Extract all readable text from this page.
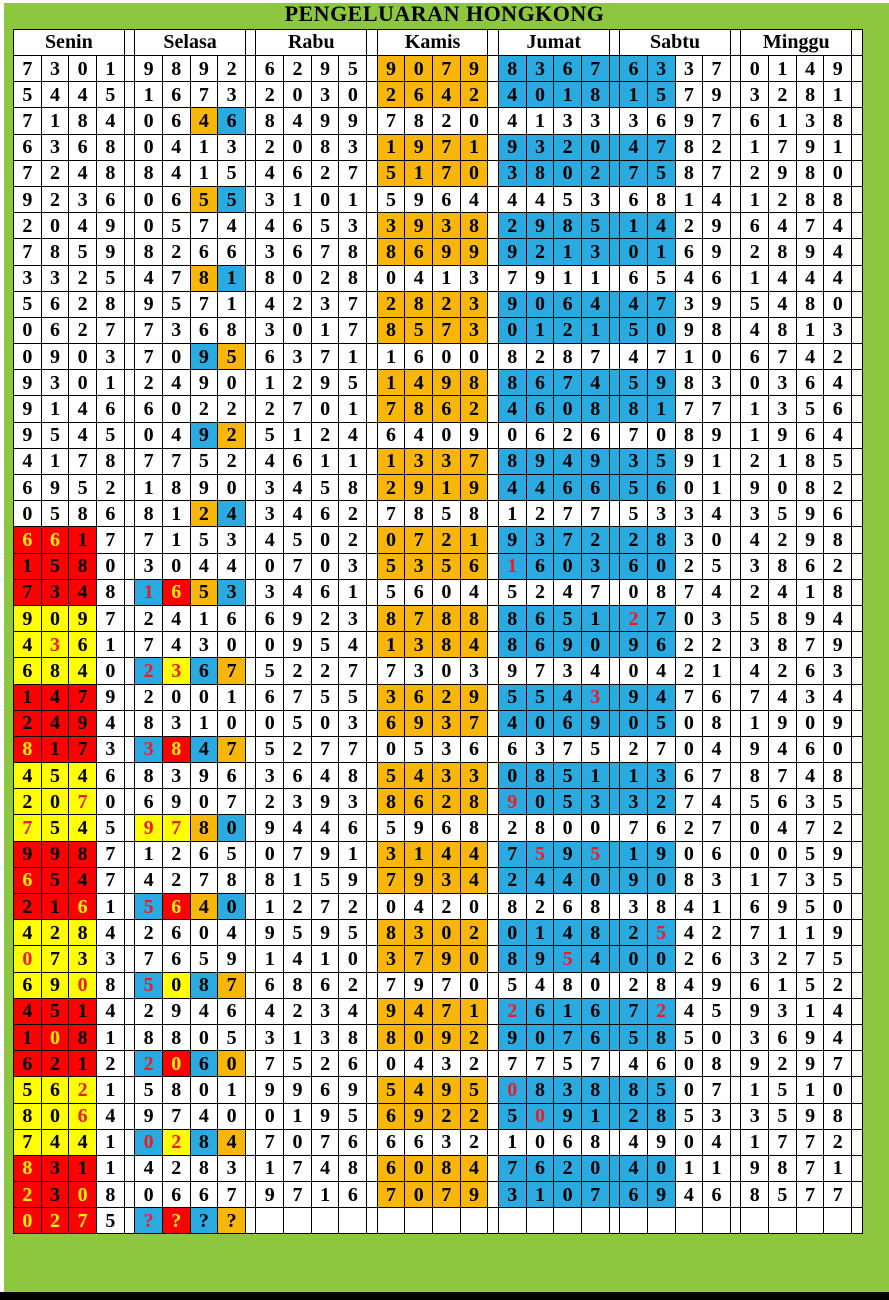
PENGELUARAN HONGKONG
Senin					Selasa					Rabu					Kamis					Jumat					Sabtu					Minggu				
7	3	0	1		9	8	9	2		6	2	9	5		9	0	7	9		8	3	6	7		6	3	3	7		0	1	4	9	
5	4	4	5		1	6	7	3		2	0	3	0		2	6	4	2		4	0	1	8		1	5	7	9		3	2	8	1	
7	1	8	4		0	6	4	6		8	4	9	9		7	8	2	0		4	1	3	3		3	6	9	7		6	1	3	8	
6	3	6	8		0	4	1	3		2	0	8	3		1	9	7	1		9	3	2	0		4	7	8	2		1	7	9	1	
7	2	4	8		8	4	1	5		4	6	2	7		5	1	7	0		3	8	0	2		7	5	8	7		2	9	8	0	
9	2	3	6		0	6	5	5		3	1	0	1		5	9	6	4		4	4	5	3		6	8	1	4		1	2	8	8	
2	0	4	9		0	5	7	4		4	6	5	3		3	9	3	8		2	9	8	5		1	4	2	9		6	4	7	4	
7	8	5	9		8	2	6	6		3	6	7	8		8	6	9	9		9	2	1	3		0	1	6	9		2	8	9	4	
3	3	2	5		4	7	8	1		8	0	2	8		0	4	1	3		7	9	1	1		6	5	4	6		1	4	4	4	
5	6	2	8		9	5	7	1		4	2	3	7		2	8	2	3		9	0	6	4		4	7	3	9		5	4	8	0	
0	6	2	7		7	3	6	8		3	0	1	7		8	5	7	3		0	1	2	1		5	0	9	8		4	8	1	3	
0	9	0	3		7	0	9	5		6	3	7	1		1	6	0	0		8	2	8	7		4	7	1	0		6	7	4	2	
9	3	0	1		2	4	9	0		1	2	9	5		1	4	9	8		8	6	7	4		5	9	8	3		0	3	6	4	
9	1	4	6		6	0	2	2		2	7	0	1		7	8	6	2		4	6	0	8		8	1	7	7		1	3	5	6	
9	5	4	5		0	4	9	2		5	1	2	4		6	4	0	9		0	6	2	6		7	0	8	9		1	9	6	4	
4	1	7	8		7	7	5	2		4	6	1	1		1	3	3	7		8	9	4	9		3	5	9	1		2	1	8	5	
6	9	5	2		1	8	9	0		3	4	5	8		2	9	1	9		4	4	6	6		5	6	0	1		9	0	8	2	
0	5	8	6		8	1	2	4		3	4	6	2		7	8	5	8		1	2	7	7		5	3	3	4		3	5	9	6	
6	6	1	7		7	1	5	3		4	5	0	2		0	7	2	1		9	3	7	2		2	8	3	0		4	2	9	8	
1	5	8	0		3	0	4	4		0	7	0	3		5	3	5	6		1	6	0	3		6	0	2	5		3	8	6	2	
7	3	4	8		1	6	5	3		3	4	6	1		5	6	0	4		5	2	4	7		0	8	7	4		2	4	1	8	
9	0	9	7		2	4	1	6		6	9	2	3		8	7	8	8		8	6	5	1		2	7	0	3		5	8	9	4	
4	3	6	1		7	4	3	0		0	9	5	4		1	3	8	4		8	6	9	0		9	6	2	2		3	8	7	9	
6	8	4	0		2	3	6	7		5	2	2	7		7	3	0	3		9	7	3	4		0	4	2	1		4	2	6	3	
1	4	7	9		2	0	0	1		6	7	5	5		3	6	2	9		5	5	4	3		9	4	7	6		7	4	3	4	
2	4	9	4		8	3	1	0		0	5	0	3		6	9	3	7		4	0	6	9		0	5	0	8		1	9	0	9	
8	1	7	3		3	8	4	7		5	2	7	7		0	5	3	6		6	3	7	5		2	7	0	4		9	4	6	0	
4	5	4	6		8	3	9	6		3	6	4	8		5	4	3	3		0	8	5	1		1	3	6	7		8	7	4	8	
2	0	7	0		6	9	0	7		2	3	9	3		8	6	2	8		9	0	5	3		3	2	7	4		5	6	3	5	
7	5	4	5		9	7	8	0		9	4	4	6		5	9	6	8		2	8	0	0		7	6	2	7		0	4	7	2	
9	9	8	7		1	2	6	5		0	7	9	1		3	1	4	4		7	5	9	5		1	9	0	6		0	0	5	9	
6	5	4	7		4	2	7	8		8	1	5	9		7	9	3	4		2	4	4	0		9	0	8	3		1	7	3	5	
2	1	6	1		5	6	4	0		1	2	7	2		0	4	2	0		8	2	6	8		3	8	4	1		6	9	5	0	
4	2	8	4		2	6	0	4		9	5	9	5		8	3	0	2		0	1	4	8		2	5	4	2		7	1	1	9	
0	7	3	3		7	6	5	9		1	4	1	0		3	7	9	0		8	9	5	4		0	0	2	6		3	2	7	5	
6	9	0	8		5	0	8	7		6	8	6	2		7	9	7	0		5	4	8	0		2	8	4	9		6	1	5	2	
4	5	1	4		2	9	4	6		4	2	3	4		9	4	7	1		2	6	1	6		7	2	4	5		9	3	1	4	
1	0	8	1		8	8	0	5		3	1	3	8		8	0	9	2		9	0	7	6		5	8	5	0		3	6	9	4	
6	2	1	2		2	0	6	0		7	5	2	6		0	4	3	2		7	7	5	7		4	6	0	8		9	2	9	7	
5	6	2	1		5	8	0	1		9	9	6	9		5	4	9	5		0	8	3	8		8	5	0	7		1	5	1	0	
8	0	6	4		9	7	4	0		0	1	9	5		6	9	2	2		5	0	9	1		2	8	5	3		3	5	9	8	
7	4	4	1		0	2	8	4		7	0	7	6		6	6	3	2		1	0	6	8		4	9	0	4		1	7	7	2	
8	3	1	1		4	2	8	3		1	7	4	8		6	0	8	4		7	6	2	0		4	0	1	1		9	8	7	1	
2	3	0	8		0	6	6	7		9	7	1	6		7	0	7	9		3	1	0	7		6	9	4	6		8	5	7	7	
0	2	7	5		?	?	?	?																										
